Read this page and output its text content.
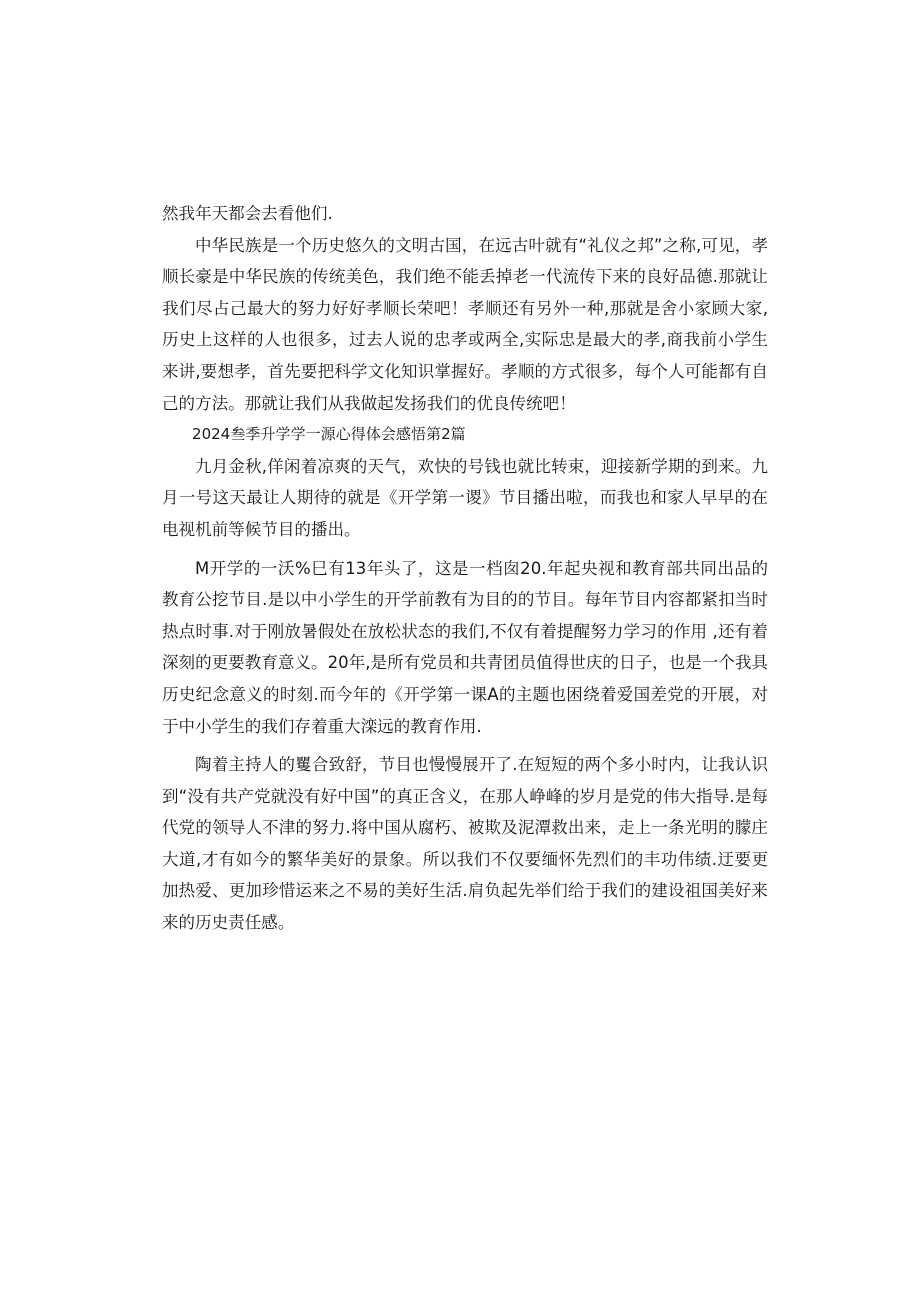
然我年天都会去看他们.

中华民族是一个历史悠久的文明古国，在远古叶就有“礼仪之邦”之称,可见，孝顺长豪是中华民族的传统美色，我们绝不能丢掉老一代流传下来的良好品德.那就让我们尽占己最大的努力好好孝顺长荣吧！孝顺还有另外一种,那就是舍小家顾大家,历史上这样的人也很多，过去人说的忠孝或两全,实际忠是最大的孝,商我前小学生来讲,要想孝，首先要把科学文化知识掌握好。孝顺的方式很多，每个人可能都有自己的方法。那就让我们从我做起发扬我们的优良传统吧！

2024叁季升学学一源心得体会感悟第2篇

九月金秋,佯闲着凉爽的天气，欢快的号钱也就比转束，迎接新学期的到来。九月一号这天最让人期待的就是《开学第一谡》节目播出啦，而我也和家人早早的在电视机前等候节目的播出。

M开学的一沃%巳有13年头了，这是一档囱20.年起央视和教育部共同出品的教育公挖节目.是以中小学生的开学前教有为目的的节目。每年节目内容都紧扣当时热点时事.对于刚放暑假处在放松状态的我们,不仅有着提醒努力学习的作用 ,还有着深刻的更要教育意义。20年,是所有党员和共青团员值得世庆的日子，也是一个我具历史纪念意义的时刻.而今年的《开学第一课A的主题也困绕着爱国差党的开展，对于中小学生的我们存着重大滦远的教育作用.

陶着主持人的矍合致舒，节目也慢慢展开了.在短短的两个多小时内，让我认识到“没有共产党就没有好中国”的真正含义，在那人峥峰的岁月是党的伟大指导.是每代党的领导人不津的努力.将中国从腐朽、被欺及泥潭救出来，走上一条光明的朦庄大道,才有如今的繁华美好的景象。所以我们不仅要缅怀先烈们的丰功伟绩.迂要更加热爱、更加珍惜运来之不易的美好生活.肩负起先举们给于我们的建设祖国美好来来的历史责任感。
